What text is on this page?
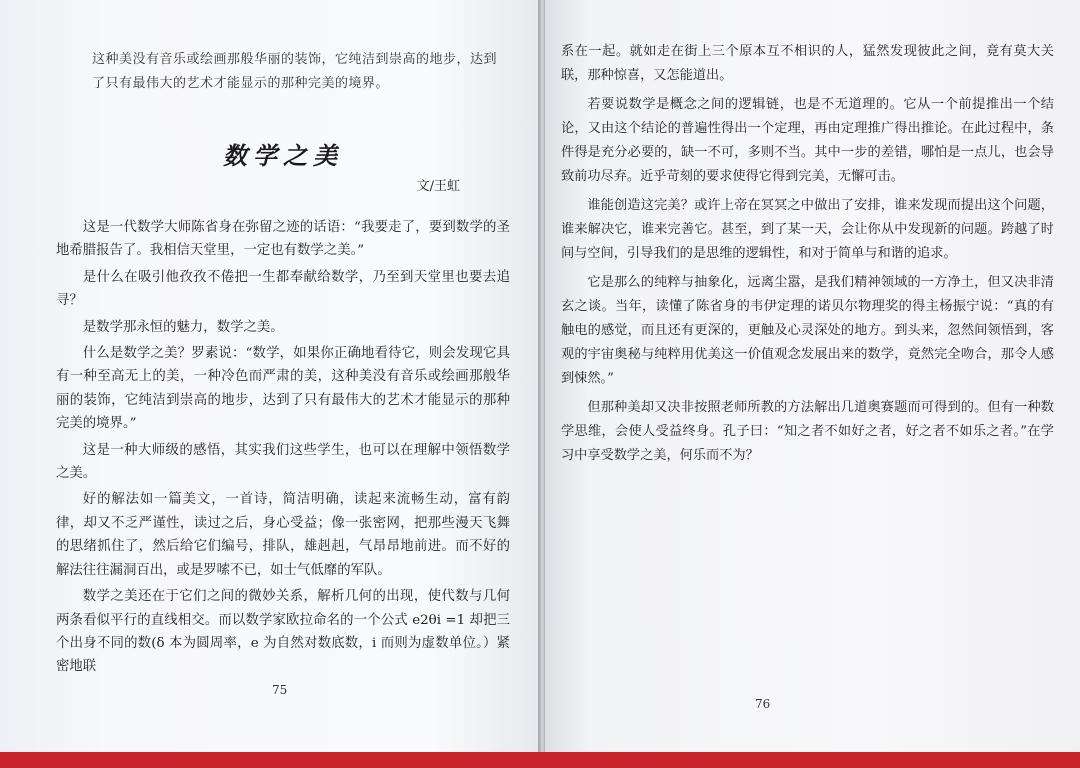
这种美没有音乐或绘画那般华丽的装饰，它纯洁到崇高的地步，达到了只有最伟大的艺术才能显示的那种完美的境界。
数学之美
文/王虹

这是一代数学大师陈省身在弥留之迹的话语：“我要走了，要到数学的圣地希腊报告了。我相信天堂里，一定也有数学之美。”

是什么在吸引他孜孜不倦把一生都奉献给数学，乃至到天堂里也要去追寻？

是数学那永恒的魅力，数学之美。

什么是数学之美？罗素说：“数学，如果你正确地看待它，则会发现它具有一种至高无上的美，一种冷色而严肃的美，这种美没有音乐或绘画那般华丽的装饰，它纯洁到崇高的地步，达到了只有最伟大的艺术才能显示的那种完美的境界。”

这是一种大师级的感悟，其实我们这些学生，也可以在理解中领悟数学之美。

好的解法如一篇美文，一首诗，简洁明确，读起来流畅生动，富有韵律，却又不乏严谨性，读过之后，身心受益；像一张密网，把那些漫天飞舞的思绪抓住了，然后给它们编号，排队，雄赳赳，气昂昂地前进。而不好的解法往往漏洞百出，或是罗嗦不已，如士气低靡的军队。

数学之美还在于它们之间的微妙关系，解析几何的出现，使代数与几何两条看似平行的直线相交。而以数学家欧拉命名的一个公式 e2θi =1 却把三个出身不同的数(δ 本为圆周率，e 为自然对数底数，i 而则为虚数单位。）紧密地联

75

系在一起。就如走在街上三个原本互不相识的人，猛然发现彼此之间，竟有莫大关联，那种惊喜，又怎能道出。

若要说数学是概念之间的逻辑链，也是不无道理的。它从一个前提推出一个结论，又由这个结论的普遍性得出一个定理，再由定理推广得出推论。在此过程中，条件得是充分必要的，缺一不可，多则不当。其中一步的差错，哪怕是一点儿，也会导致前功尽弃。近乎苛刻的要求使得它得到完美，无懈可击。

谁能创造这完美？或许上帝在冥冥之中做出了安排，谁来发现而提出这个问题，谁来解决它，谁来完善它。甚至，到了某一天，会让你从中发现新的问题。跨越了时间与空间，引导我们的是思维的逻辑性，和对于简单与和谐的追求。

它是那么的纯粹与抽象化，远离尘嚣，是我们精神领域的一方净土，但又决非清玄之谈。当年，读懂了陈省身的韦伊定理的诺贝尔物理奖的得主杨振宁说：“真的有触电的感觉，而且还有更深的，更触及心灵深处的地方。到头来，忽然间领悟到，客观的宇宙奥秘与纯粹用优美这一价值观念发展出来的数学，竟然完全吻合，那令人感到悚然。”

但那种美却又决非按照老师所教的方法解出几道奥赛题而可得到的。但有一种数学思维，会使人受益终身。孔子曰：“知之者不如好之者，好之者不如乐之者。”在学习中享受数学之美，何乐而不为？

76
